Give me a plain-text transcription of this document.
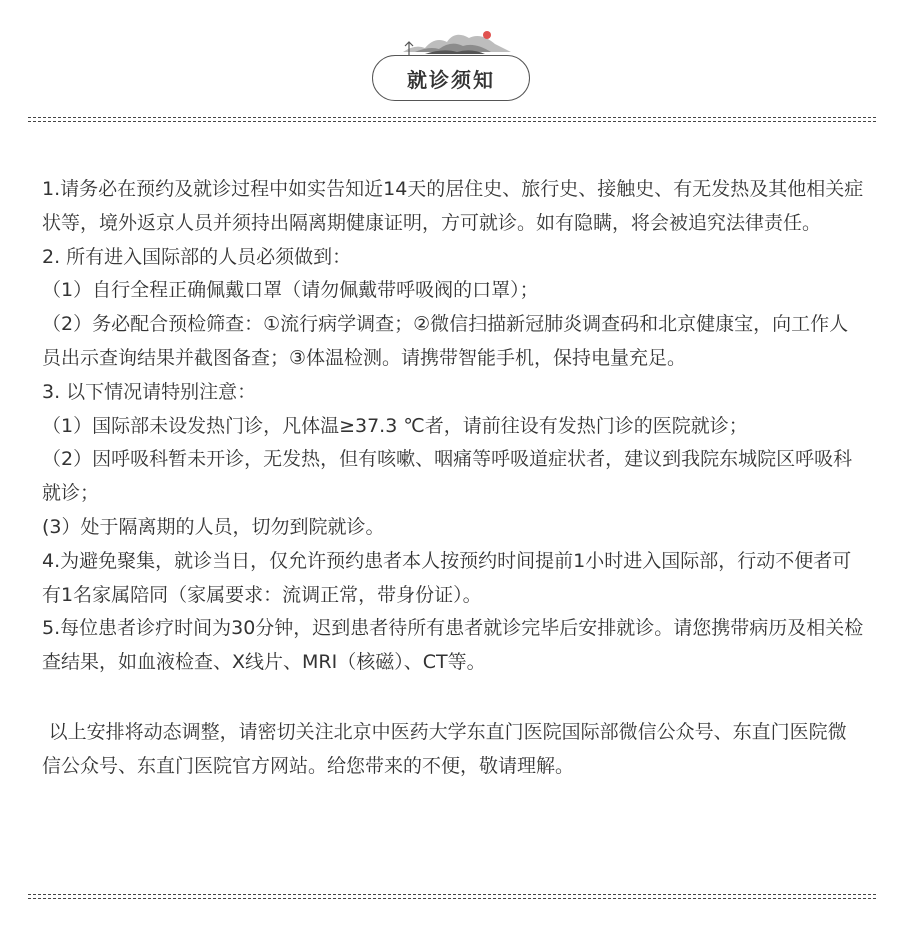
就诊须知

1.请务必在预约及就诊过程中如实告知近14天的居住史、旅行史、接触史、有无发热及其他相关症状等，境外返京人员并须持出隔离期健康证明，方可就诊。如有隐瞒，将会被追究法律责任。

2. 所有进入国际部的人员必须做到：

（1）自行全程正确佩戴口罩（请勿佩戴带呼吸阀的口罩）；

（2）务必配合预检筛查：①流行病学调查；②微信扫描新冠肺炎调查码和北京健康宝，向工作人员出示查询结果并截图备查；③体温检测。请携带智能手机，保持电量充足。

3. 以下情况请特别注意：

（1）国际部未设发热门诊，凡体温≥37.3 ℃者，请前往设有发热门诊的医院就诊；

（2）因呼吸科暂未开诊，无发热，但有咳嗽、咽痛等呼吸道症状者，建议到我院东城院区呼吸科就诊；

(3）处于隔离期的人员，切勿到院就诊。

4.为避免聚集，就诊当日，仅允许预约患者本人按预约时间提前1小时进入国际部，行动不便者可有1名家属陪同（家属要求：流调正常，带身份证）。

5.每位患者诊疗时间为30分钟，迟到患者待所有患者就诊完毕后安排就诊。请您携带病历及相关检查结果，如血液检查、X线片、MRI（核磁）、CT等。

以上安排将动态调整，请密切关注北京中医药大学东直门医院国际部微信公众号、东直门医院微信公众号、东直门医院官方网站。给您带来的不便，敬请理解。
